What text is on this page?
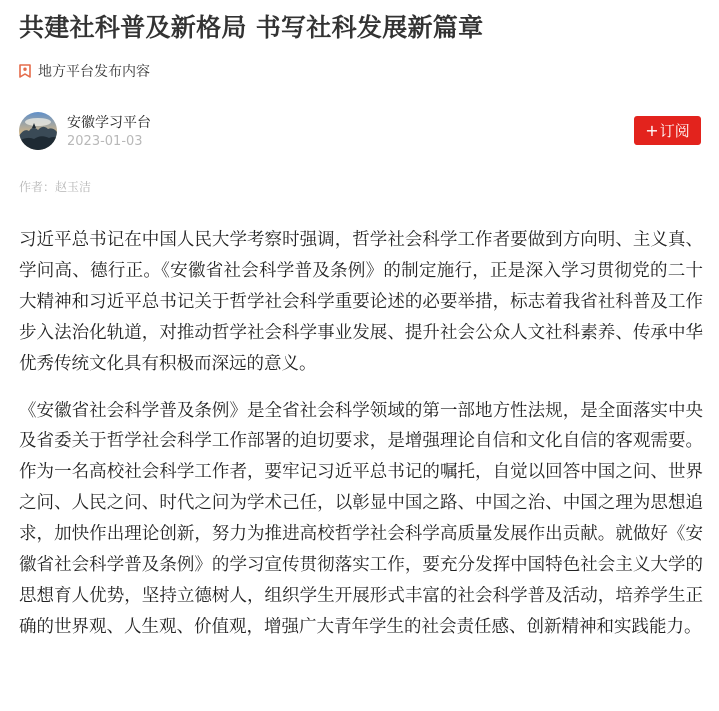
共建社科普及新格局 书写社科发展新篇章
地方平台发布内容
安徽学习平台
2023-01-03
+ 订阅
作者：赵玉洁

习近平总书记在中国人民大学考察时强调，哲学社会科学工作者要做到方向明、主义真、学问高、德行正。《安徽省社会科学普及条例》的制定施行，正是深入学习贯彻党的二十大精神和习近平总书记关于哲学社会科学重要论述的必要举措，标志着我省社科普及工作步入法治化轨道，对推动哲学社会科学事业发展、提升社会公众人文社科素养、传承中华优秀传统文化具有积极而深远的意义。

《安徽省社会科学普及条例》是全省社会科学领域的第一部地方性法规，是全面落实中央及省委关于哲学社会科学工作部署的迫切要求，是增强理论自信和文化自信的客观需要。作为一名高校社会科学工作者，要牢记习近平总书记的嘱托，自觉以回答中国之问、世界之问、人民之问、时代之问为学术己任，以彰显中国之路、中国之治、中国之理为思想追求，加快作出理论创新，努力为推进高校哲学社会科学高质量发展作出贡献。就做好《安徽省社会科学普及条例》的学习宣传贯彻落实工作，要充分发挥中国特色社会主义大学的思想育人优势，坚持立德树人，组织学生开展形式丰富的社会科学普及活动，培养学生正确的世界观、人生观、价值观，增强广大青年学生的社会责任感、创新精神和实践能力。
